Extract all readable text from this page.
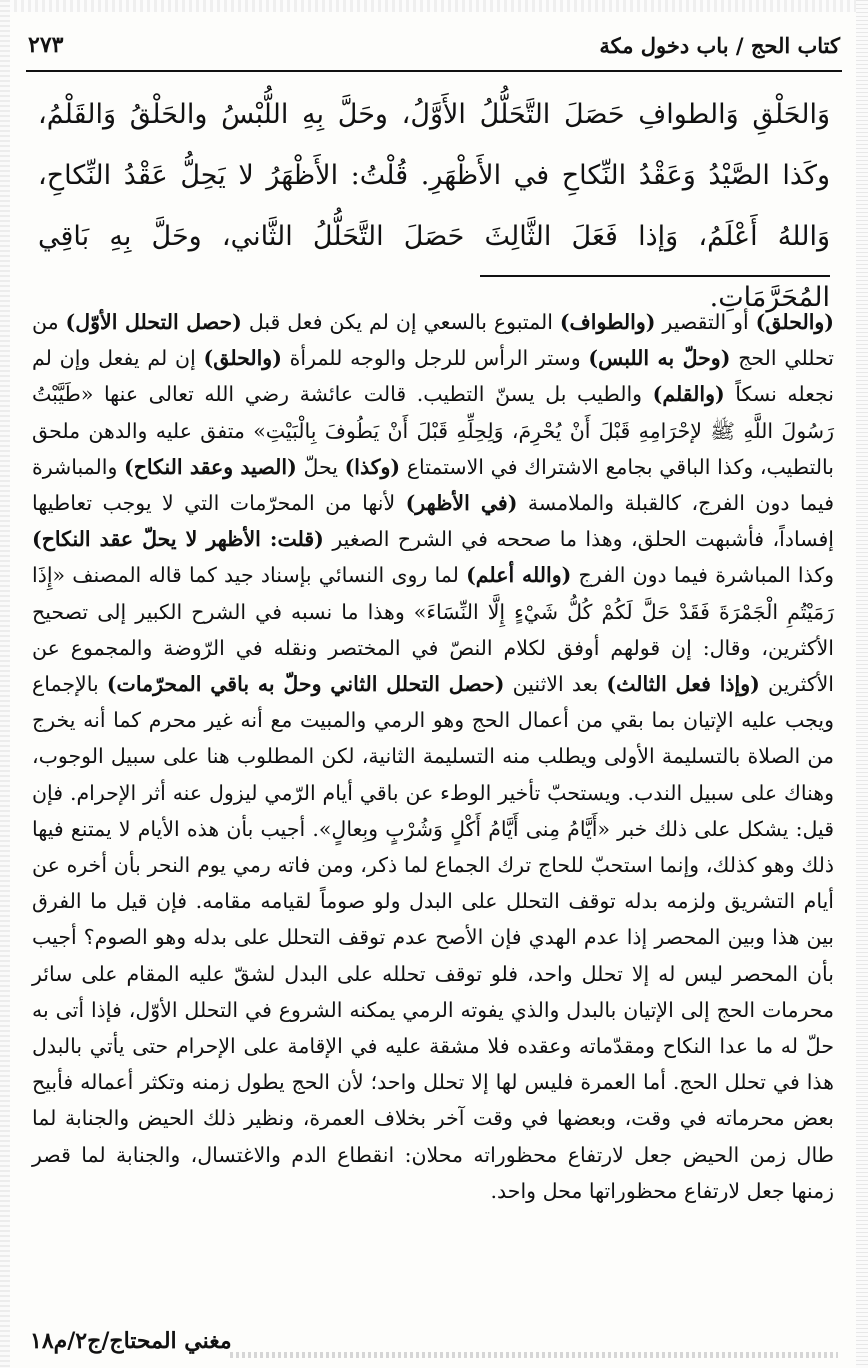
٢٧٣	كتاب الحج / باب دخول مكة
وَالحَلْقِ وَالطوافِ حَصَلَ التَّحَلُّلُ الأَوَّلُ، وحَلَّ بِهِ اللُّبْسُ والحَلْقُ وَالقَلْمُ، وكَذا الصَّيْدُ وَعَقْدُ النِّكاحِ في الأَظْهَرِ. قُلْتُ: الأَظْهَرُ لا يَحِلُّ عَقْدُ النِّكاحِ، وَاللهُ أَعْلَمُ، وَإذا فَعَلَ الثَّالِثَ حَصَلَ التَّحَلُّلُ الثَّاني، وحَلَّ بِهِ بَاقِي المُحَرَّمَاتِ.

(والحلق) أو التقصير (والطواف) المتبوع بالسعي إن لم يكن فعل قبل (حصل التحلل الأوّل) من تحللي الحج (وحلّ به اللبس) وستر الرأس للرجل والوجه للمرأة (والحلق) إن لم يفعل وإن لم نجعله نسكاً (والقلم) والطيب بل يسنّ التطيب. قالت عائشة رضي الله تعالى عنها «طَيَّبْتُ رَسُولَ اللَّهِ ﷺ لإحْرَامِهِ قَبْلَ أَنْ يُحْرِمَ، وَلِحِلِّهِ قَبْلَ أَنْ يَطُوفَ بِالْبَيْتِ» متفق عليه والدهن ملحق بالتطيب، وكذا الباقي بجامع الاشتراك في الاستمتاع (وكذا) يحلّ (الصيد وعقد النكاح) والمباشرة فيما دون الفرج، كالقبلة والملامسة (في الأظهر) لأنها من المحرّمات التي لا يوجب تعاطيها إفساداً، فأشبهت الحلق، وهذا ما صححه في الشرح الصغير (قلت: الأظهر لا يحلّ عقد النكاح) وكذا المباشرة فيما دون الفرج (والله أعلم) لما روى النسائي بإسناد جيد كما قاله المصنف «إِذَا رَمَيْتُمِ الْجَمْرَةَ فَقَدْ حَلَّ لَكُمْ كُلُّ شَيْءٍ إِلَّا النِّسَاءَ» وهذا ما نسبه في الشرح الكبير إلى تصحيح الأكثرين، وقال: إن قولهم أوفق لكلام النصّ في المختصر ونقله في الرّوضة والمجموع عن الأكثرين (وإذا فعل الثالث) بعد الاثنين (حصل التحلل الثاني وحلّ به باقي المحرّمات) بالإجماع ويجب عليه الإتيان بما بقي من أعمال الحج وهو الرمي والمبيت مع أنه غير محرم كما أنه يخرج من الصلاة بالتسليمة الأولى ويطلب منه التسليمة الثانية، لكن المطلوب هنا على سبيل الوجوب، وهناك على سبيل الندب. ويستحبّ تأخير الوطء عن باقي أيام الرّمي ليزول عنه أثر الإحرام. فإن قيل: يشكل على ذلك خبر «أَيَّامُ مِنى أَيَّامُ أَكْلٍ وَشُرْبٍ وبِعالٍ». أجيب بأن هذه الأيام لا يمتنع فيها ذلك وهو كذلك، وإنما استحبّ للحاج ترك الجماع لما ذكر، ومن فاته رمي يوم النحر بأن أخره عن أيام التشريق ولزمه بدله توقف التحلل على البدل ولو صوماً لقيامه مقامه. فإن قيل ما الفرق بين هذا وبين المحصر إذا عدم الهدي فإن الأصح عدم توقف التحلل على بدله وهو الصوم؟ أجيب بأن المحصر ليس له إلا تحلل واحد، فلو توقف تحلله على البدل لشقّ عليه المقام على سائر محرمات الحج إلى الإتيان بالبدل والذي يفوته الرمي يمكنه الشروع في التحلل الأوّل، فإذا أتى به حلّ له ما عدا النكاح ومقدّماته وعقده فلا مشقة عليه في الإقامة على الإحرام حتى يأتي بالبدل هذا في تحلل الحج. أما العمرة فليس لها إلا تحلل واحد؛ لأن الحج يطول زمنه وتكثر أعماله فأبيح بعض محرماته في وقت، وبعضها في وقت آخر بخلاف العمرة، ونظير ذلك الحيض والجنابة لما طال زمن الحيض جعل لارتفاع محظوراته محلان: انقطاع الدم والاغتسال، والجنابة لما قصر زمنها جعل لارتفاع محظوراتها محل واحد.

مغني المحتاج/ج٢/م١٨
